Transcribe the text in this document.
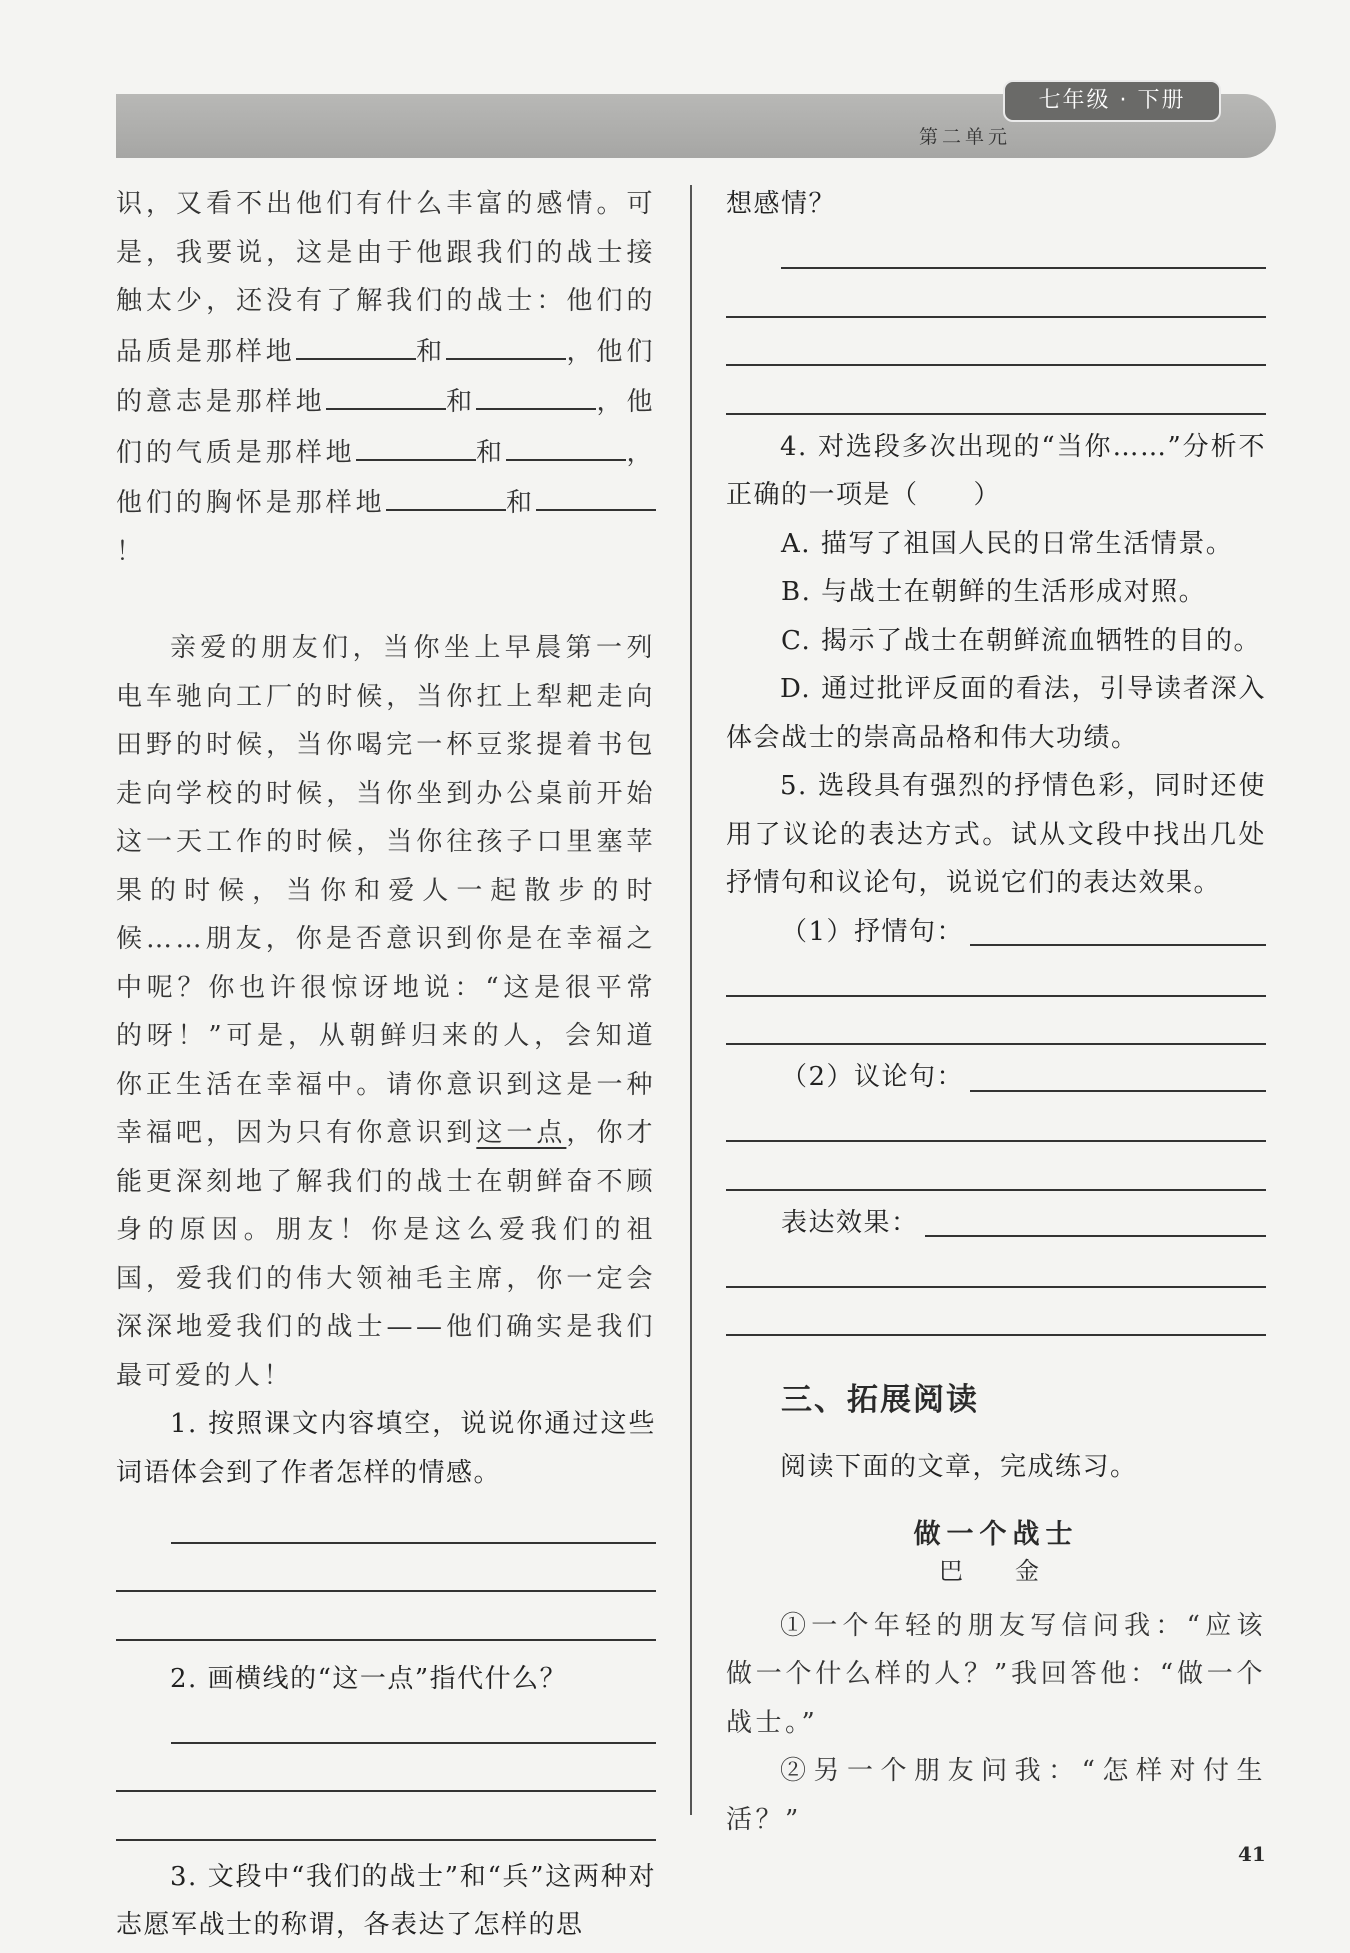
七年级 · 下册
第二单元
识，又看不出他们有什么丰富的感情。可是，我要说，这是由于他跟我们的战士接触太少，还没有了解我们的战士：他们的品质是那样地	和	，他们的意志是那样地	和	，他们的气质是那样地	和	，他们的胸怀是那样地	和！
亲爱的朋友们，当你坐上早晨第一列电车驰向工厂的时候，当你扛上犁耙走向田野的时候，当你喝完一杯豆浆提着书包走向学校的时候，当你坐到办公桌前开始这一天工作的时候，当你往孩子口里塞苹果的时候，当你和爱人一起散步的时候……朋友，你是否意识到你是在幸福之中呢？你也许很惊讶地说：“这是很平常的呀！”可是，从朝鲜归来的人，会知道你正生活在幸福中。请你意识到这是一种幸福吧，因为只有你意识到这一点，你才能更深刻地了解我们的战士在朝鲜奋不顾身的原因。朋友！你是这么爱我们的祖国，爱我们的伟大领袖毛主席，你一定会深深地爱我们的战士——他们确实是我们最可爱的人！
1. 按照课文内容填空，说说你通过这些词语体会到了作者怎样的情感。
2. 画横线的“这一点”指代什么？
3. 文段中“我们的战士”和“兵”这两种对志愿军战士的称谓，各表达了怎样的思
想感情？
4. 对选段多次出现的“当你……”分析不正确的一项是（　　）
A. 描写了祖国人民的日常生活情景。
B. 与战士在朝鲜的生活形成对照。
C. 揭示了战士在朝鲜流血牺牲的目的。
D. 通过批评反面的看法，引导读者深入体会战士的崇高品格和伟大功绩。
5. 选段具有强烈的抒情色彩，同时还使用了议论的表达方式。试从文段中找出几处抒情句和议论句，说说它们的表达效果。
（1）抒情句：
（2）议论句：
表达效果：
三、拓展阅读
阅读下面的文章，完成练习。
做一个战士
巴　金
①一个年轻的朋友写信问我：“应该做一个什么样的人？”我回答他：“做一个战士。”
②另一个朋友问我：“怎样对付生活？”
41
